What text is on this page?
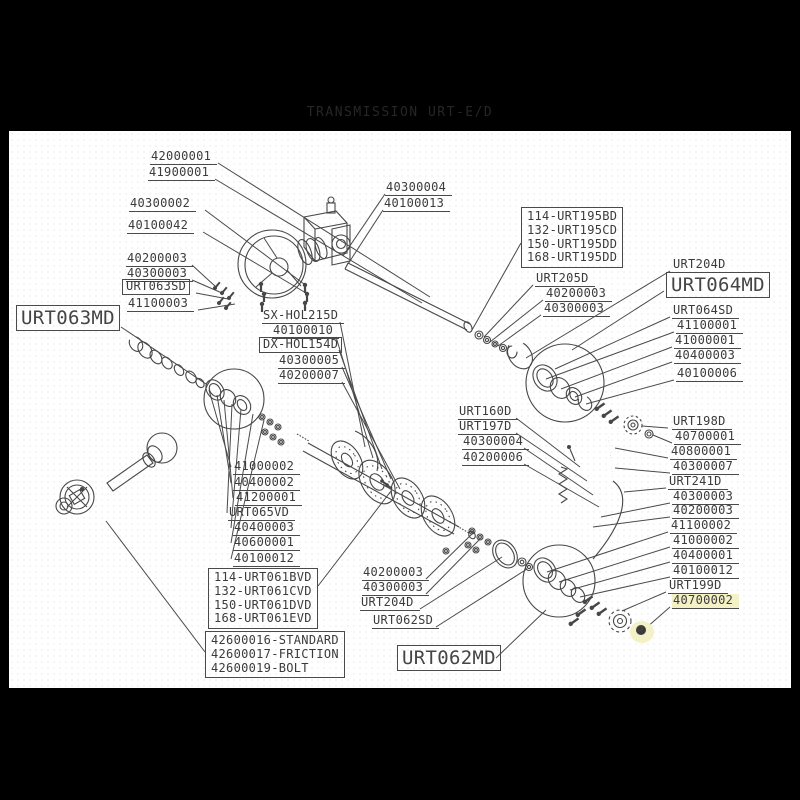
TRANSMISSION URT-E/D
42000001
41900001
40300002
40100042
40200003
40300003
URT063SD
41100003
URT063MD
40300004
40100013
SX-HOL215D
40100010
DX-HOL154D
40300005
40200007
114-URT195BD
132-URT195CD
150-URT195DD
168-URT195DD
URT205D
40200003
40300003
URT204D
URT064MD
URT064SD
41100001
41000001
40400003
40100006
URT160D
URT197D
40300004
40200006
URT198D
40700001
40800001
40300007
URT241D
40300003
40200003
41100002
41000002
40400001
40100012
URT199D
40700002
41000002
40400002
41200001
URT065VD
40400003
40600001
40100012
40200003
40300003
URT204D
URT062SD
114-URT061BVD
132-URT061CVD
150-URT061DVD
168-URT061EVD
42600016-STANDARD
42600017-FRICTION
42600019-BOLT	URT062MD
